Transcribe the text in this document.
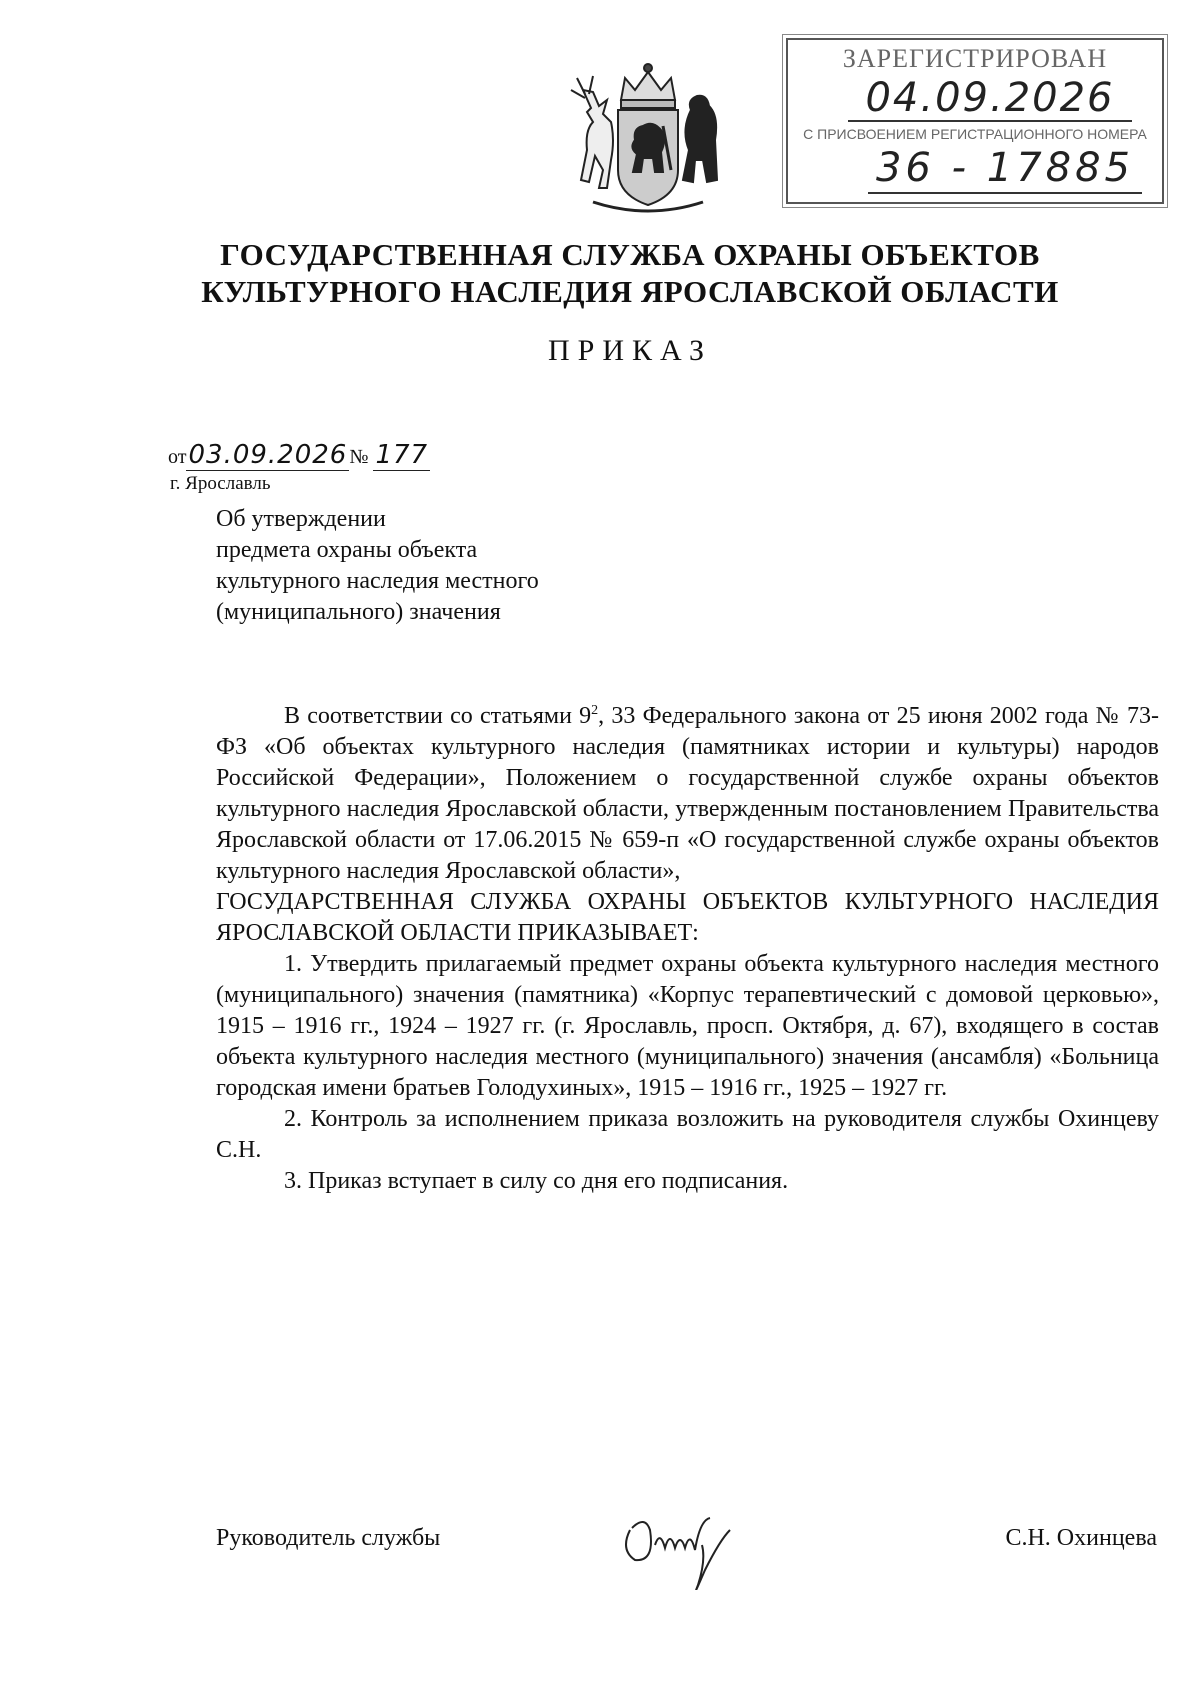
ЗАРЕГИСТРИРОВАН
04.09.2026
С ПРИСВОЕНИЕМ РЕГИСТРАЦИОННОГО НОМЕРА
36 - 17885
ГОСУДАРСТВЕННАЯ СЛУЖБА ОХРАНЫ ОБЪЕКТОВ
КУЛЬТУРНОГО НАСЛЕДИЯ ЯРОСЛАВСКОЙ ОБЛАСТИ
ПРИКАЗ
от03.09.2026 № 177
г. Ярославль
Об утверждении
предмета охраны объекта
культурного наследия местного
(муниципального) значения

В соответствии со статьями $9^2$, 33 Федерального закона от 25 июня 2002 года № 73-ФЗ «Об объектах культурного наследия (памятниках истории и культуры) народов Российской Федерации», Положением о государственной службе охраны объектов культурного наследия Ярославской области, утвержденным постановлением Правительства Ярославской области от 17.06.2015 № 659-п «О государственной службе охраны объектов культурного наследия Ярославской области»,

ГОСУДАРСТВЕННАЯ СЛУЖБА ОХРАНЫ ОБЪЕКТОВ КУЛЬТУРНОГО НАСЛЕДИЯ ЯРОСЛАВСКОЙ ОБЛАСТИ ПРИКАЗЫВАЕТ:

1. Утвердить прилагаемый предмет охраны объекта культурного наследия местного (муниципального) значения (памятника) «Корпус терапевтический с домовой церковью», 1915 – 1916 гг., 1924 – 1927 гг. (г. Ярославль, просп. Октября, д. 67), входящего в состав объекта культурного наследия местного (муниципального) значения (ансамбля) «Больница городская имени братьев Голодухиных», 1915 – 1916 гг., 1925 – 1927 гг.

2. Контроль за исполнением приказа возложить на руководителя службы Охинцеву С.Н.

3. Приказ вступает в силу со дня его подписания.

Руководитель службы	С.Н. Охинцева
